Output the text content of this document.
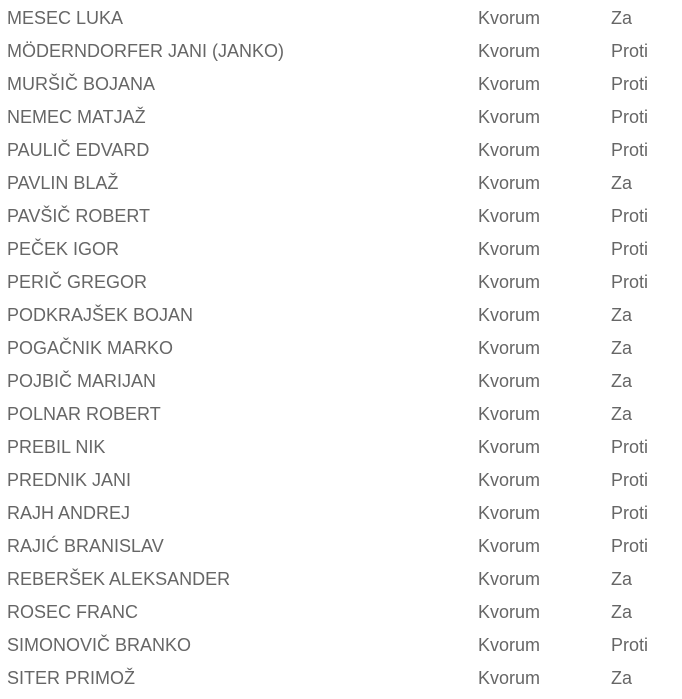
MESEC LUKA	Kvorum	Za
MÖDERNDORFER JANI (JANKO)	Kvorum	Proti
MURŠIČ BOJANA	Kvorum	Proti
NEMEC MATJAŽ	Kvorum	Proti
PAULIČ EDVARD	Kvorum	Proti
PAVLIN BLAŽ	Kvorum	Za
PAVŠIČ ROBERT	Kvorum	Proti
PEČEK IGOR	Kvorum	Proti
PERIČ GREGOR	Kvorum	Proti
PODKRAJŠEK BOJAN	Kvorum	Za
POGAČNIK MARKO	Kvorum	Za
POJBIČ MARIJAN	Kvorum	Za
POLNAR ROBERT	Kvorum	Za
PREBIL NIK	Kvorum	Proti
PREDNIK JANI	Kvorum	Proti
RAJH ANDREJ	Kvorum	Proti
RAJIĆ BRANISLAV	Kvorum	Proti
REBERŠEK ALEKSANDER	Kvorum	Za
ROSEC FRANC	Kvorum	Za
SIMONOVIČ BRANKO	Kvorum	Proti
SITER PRIMOŽ	Kvorum	Za
